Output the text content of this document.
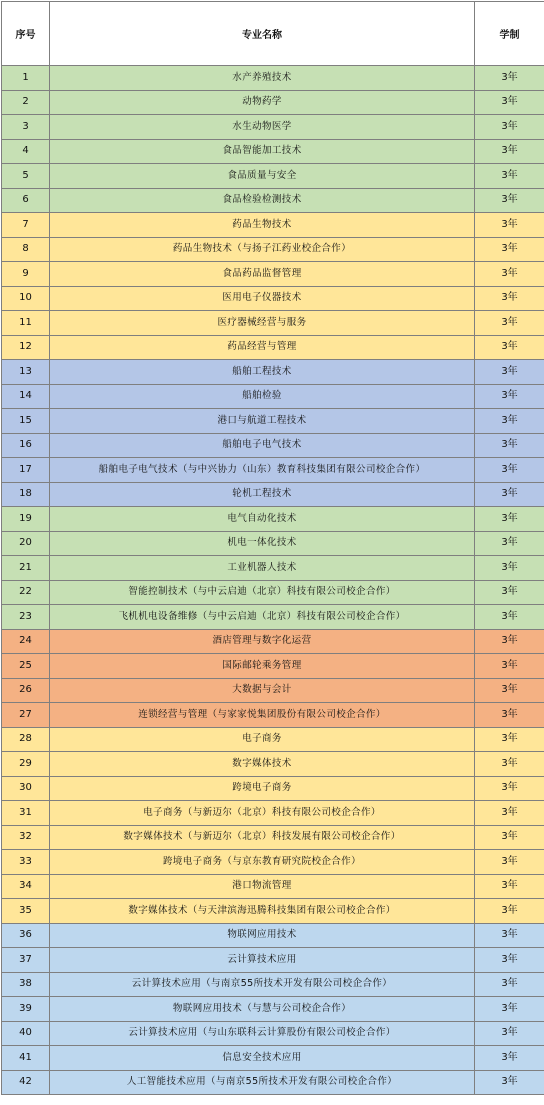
序号	专业名称	学制
1	水产养殖技术	3年
2	动物药学	3年
3	水生动物医学	3年
4	食品智能加工技术	3年
5	食品质量与安全	3年
6	食品检验检测技术	3年
7	药品生物技术	3年
8	药品生物技术（与扬子江药业校企合作）	3年
9	食品药品监督管理	3年
10	医用电子仪器技术	3年
11	医疗器械经营与服务	3年
12	药品经营与管理	3年
13	船舶工程技术	3年
14	船舶检验	3年
15	港口与航道工程技术	3年
16	船舶电子电气技术	3年
17	船舶电子电气技术（与中兴协力（山东）教育科技集团有限公司校企合作）	3年
18	轮机工程技术	3年
19	电气自动化技术	3年
20	机电一体化技术	3年
21	工业机器人技术	3年
22	智能控制技术（与中云启迪（北京）科技有限公司校企合作）	3年
23	飞机机电设备维修（与中云启迪（北京）科技有限公司校企合作）	3年
24	酒店管理与数字化运营	3年
25	国际邮轮乘务管理	3年
26	大数据与会计	3年
27	连锁经营与管理（与家家悦集团股份有限公司校企合作）	3年
28	电子商务	3年
29	数字媒体技术	3年
30	跨境电子商务	3年
31	电子商务（与新迈尔（北京）科技有限公司校企合作）	3年
32	数字媒体技术（与新迈尔（北京）科技发展有限公司校企合作）	3年
33	跨境电子商务（与京东教育研究院校企合作）	3年
34	港口物流管理	3年
35	数字媒体技术（与天津滨海迅腾科技集团有限公司校企合作）	3年
36	物联网应用技术	3年
37	云计算技术应用	3年
38	云计算技术应用（与南京55所技术开发有限公司校企合作）	3年
39	物联网应用技术（与慧与公司校企合作）	3年
40	云计算技术应用（与山东联科云计算股份有限公司校企合作）	3年
41	信息安全技术应用	3年
42	人工智能技术应用（与南京55所技术开发有限公司校企合作）	3年
